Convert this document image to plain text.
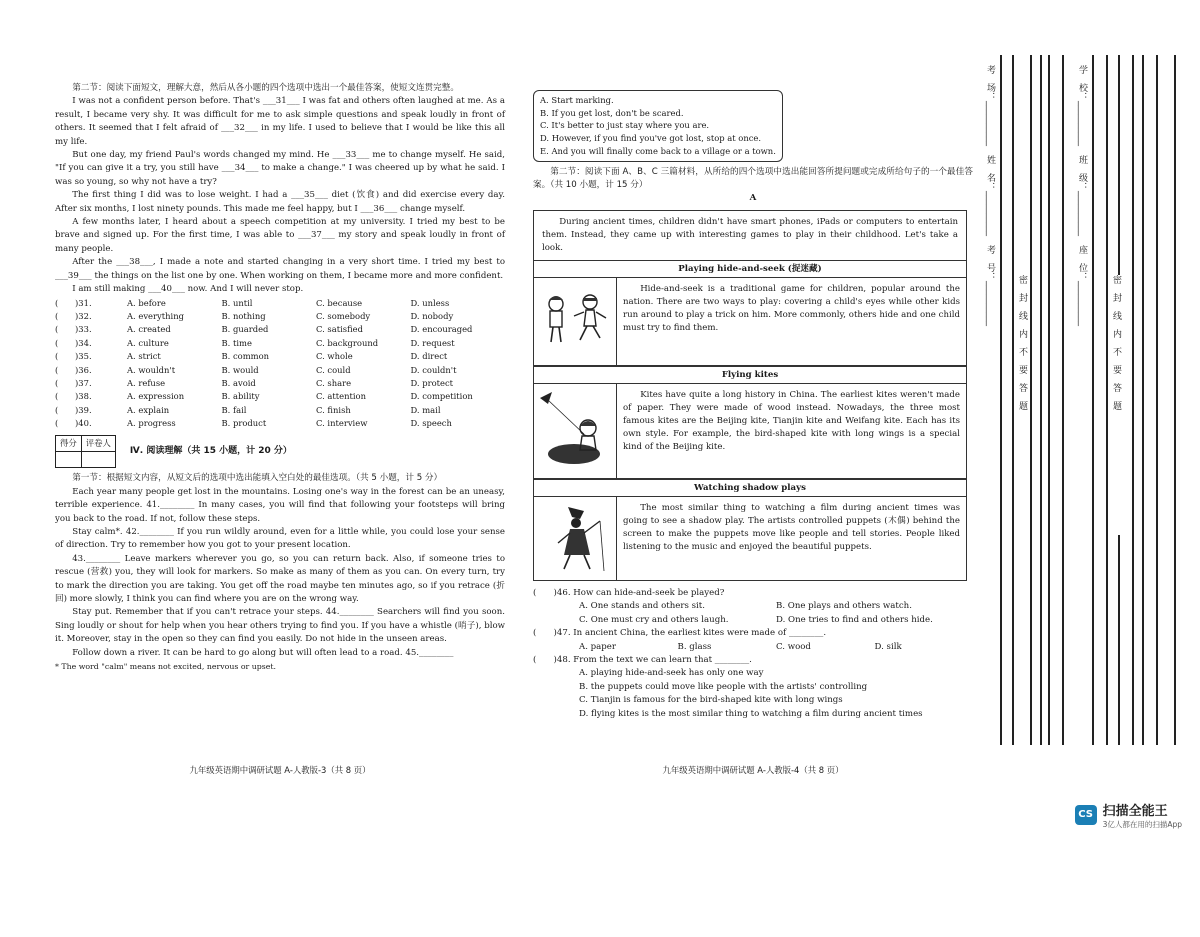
第二节：阅读下面短文，理解大意，然后从各小题的四个选项中选出一个最佳答案，使短文连贯完整。

I was not a confident person before. That's ___31___ I was fat and others often laughed at me. As a result, I became very shy. It was difficult for me to ask simple questions and speak loudly in front of others. It seemed that I felt afraid of ___32___ in my life. I used to believe that I would be like this all my life.

But one day, my friend Paul's words changed my mind. He ___33___ me to change myself. He said, "If you can give it a try, you still have ___34___ to make a change." I was cheered up by what he said. I was so young, so why not have a try?

The first thing I did was to lose weight. I had a ___35___ diet (饮食) and did exercise every day. After six months, I lost ninety pounds. This made me feel happy, but I ___36___ change myself.

A few months later, I heard about a speech competition at my university. I tried my best to be brave and signed up. For the first time, I was able to ___37___ my story and speak loudly in front of many people.

After the ___38___, I made a note and started changing in a very short time. I tried my best to ___39___ the things on the list one by one. When working on them, I became more and more confident.

I am still making ___40___ now. And I will never stop.

(　　)31.	A. before	B. until	C. because	D. unless
(　　)32.	A. everything	B. nothing	C. somebody	D. nobody
(　　)33.	A. created	B. guarded	C. satisfied	D. encouraged
(　　)34.	A. culture	B. time	C. background	D. request
(　　)35.	A. strict	B. common	C. whole	D. direct
(　　)36.	A. wouldn't	B. would	C. could	D. couldn't
(　　)37.	A. refuse	B. avoid	C. share	D. protect
(　　)38.	A. expression	B. ability	C. attention	D. competition
(　　)39.	A. explain	B. fail	C. finish	D. mail
(　　)40.	A. progress	B. product	C. interview	D. speech
得分	评卷人

Ⅳ. 阅读理解（共 15 小题，计 20 分）

第一节：根据短文内容，从短文后的选项中选出能填入空白处的最佳选项。（共 5 小题，计 5 分）

Each year many people get lost in the mountains. Losing one's way in the forest can be an uneasy, terrible experience. 41.________ In many cases, you will find that following your footsteps will bring you back to the road. If not, follow these steps.

Stay calm*. 42.________ If you run wildly around, even for a little while, you could lose your sense of direction. Try to remember how you got to your present location.

43.________ Leave markers wherever you go, so you can return back. Also, if someone tries to rescue (营救) you, they will look for markers. So make as many of them as you can. On every turn, try to mark the direction you are taking. You get off the road maybe ten minutes ago, so if you retrace (折回) more slowly, I think you can find where you are on the wrong way.

Stay put. Remember that if you can't retrace your steps. 44.________ Searchers will find you soon. Sing loudly or shout for help when you hear others trying to find you. If you have a whistle (哨子), blow it. Moreover, stay in the open so they can find you easily. Do not hide in the unseen areas.

Follow down a river. It can be hard to go along but will often lead to a road. 45.________

* The word "calm" means not excited, nervous or upset.

九年级英语期中调研试题 A-人教版-3（共 8 页）

A. Start marking.

B. If you get lost, don't be scared.

C. It's better to just stay where you are.

D. However, if you find you've got lost, stop at once.

E. And you will finally come back to a village or a town.

第二节：阅读下面 A、B、C 三篇材料，从所给的四个选项中选出能回答所提问题或完成所给句子的一个最佳答案。（共 10 小题，计 15 分）

A

During ancient times, children didn't have smart phones, iPads or computers to entertain them. Instead, they came up with interesting games to play in their childhood. Let's take a look.
Playing hide-and-seek (捉迷藏)
Hide-and-seek is a traditional game for children, popular around the nation. There are two ways to play: covering a child's eyes while other kids run around to play a trick on him. More commonly, others hide and one child must try to find them.
Flying kites
Kites have quite a long history in China. The earliest kites weren't made of paper. They were made of wood instead. Nowadays, the three most famous kites are the Beijing kite, Tianjin kite and Weifang kite. Each has its own style. For example, the bird-shaped kite with long wings is a special kind of the Beijing kite.
Watching shadow plays
The most similar thing to watching a film during ancient times was going to see a shadow play. The artists controlled puppets (木偶) behind the screen to make the puppets move like people and tell stories. People liked listening to the music and enjoyed the beautiful puppets.

(　　)46. How can hide-and-seek be played?

A. One stands and others sit.	B. One plays and others watch.
C. One must cry and others laugh.	D. One tries to find and others hide.

(　　)47. In ancient China, the earliest kites were made of ________.

A. paper	B. glass	C. wood	D. silk

(　　)48. From the text we can learn that ________.

A. playing hide-and-seek has only one way

B. the puppets could move like people with the artists' controlling

C. Tianjin is famous for the bird-shaped kite with long wings

D. flying kites is the most similar thing to watching a film during ancient times

九年级英语期中调研试题 A-人教版-4（共 8 页）
考　场：__________　姓　名：__________　考　号：__________	学　校：__________　班　级：__________　座　位：__________
密　封　线　内　不　要　答　题	密　封　线　内　不　要　答　题
CS 扫描全能王
3亿人都在用的扫描App
